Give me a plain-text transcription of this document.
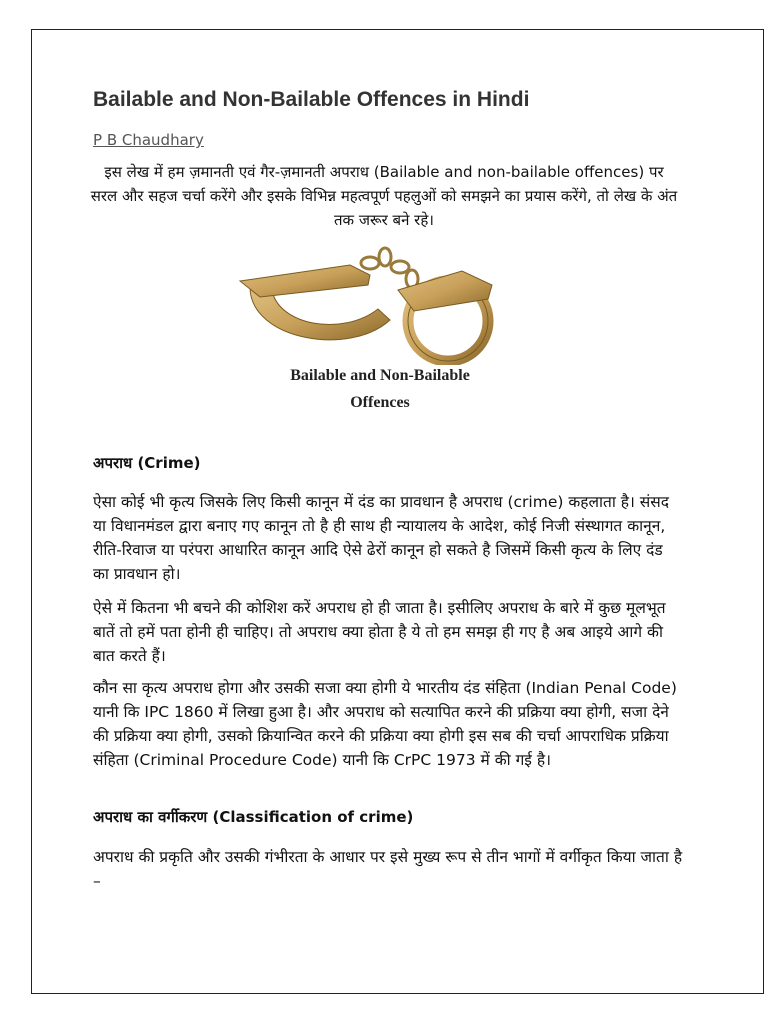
Bailable and Non-Bailable Offences in Hindi
P B Chaudhary

इस लेख में हम ज़मानती एवं गैर-ज़मानती अपराध (Bailable and non-bailable offences) पर सरल और सहज चर्चा करेंगे और इसके विभिन्न महत्वपूर्ण पहलुओं को समझने का प्रयास करेंगे, तो लेख के अंत तक जरूर बने रहे।

Bailable and Non-Bailable
Offences
अपराध (Crime)

ऐसा कोई भी कृत्य जिसके लिए किसी कानून में दंड का प्रावधान है अपराध (crime) कहलाता है। संसद या विधानमंडल द्वारा बनाए गए कानून तो है ही साथ ही न्यायालय के आदेश, कोई निजी संस्थागत कानून, रीति-रिवाज या परंपरा आधारित कानून आदि ऐसे ढेरों कानून हो सकते है जिसमें किसी कृत्य के लिए दंड का प्रावधान हो।

ऐसे में कितना भी बचने की कोशिश करें अपराध हो ही जाता है। इसीलिए अपराध के बारे में कुछ मूलभूत बातें तो हमें पता होनी ही चाहिए। तो अपराध क्या होता है ये तो हम समझ ही गए है अब आइये आगे की बात करते हैं।

कौन सा कृत्य अपराध होगा और उसकी सजा क्या होगी ये भारतीय दंड संहिता (Indian Penal Code) यानी कि IPC 1860 में लिखा हुआ है। और अपराध को सत्यापित करने की प्रक्रिया क्या होगी, सजा देने की प्रक्रिया क्या होगी, उसको क्रियान्वित करने की प्रक्रिया क्या होगी इस सब की चर्चा आपराधिक प्रक्रिया संहिता (Criminal Procedure Code) यानी कि CrPC 1973 में की गई है।

अपराध का वर्गीकरण (Classification of crime)

अपराध की प्रकृति और उसकी गंभीरता के आधार पर इसे मुख्य रूप से तीन भागों में वर्गीकृत किया जाता है –
